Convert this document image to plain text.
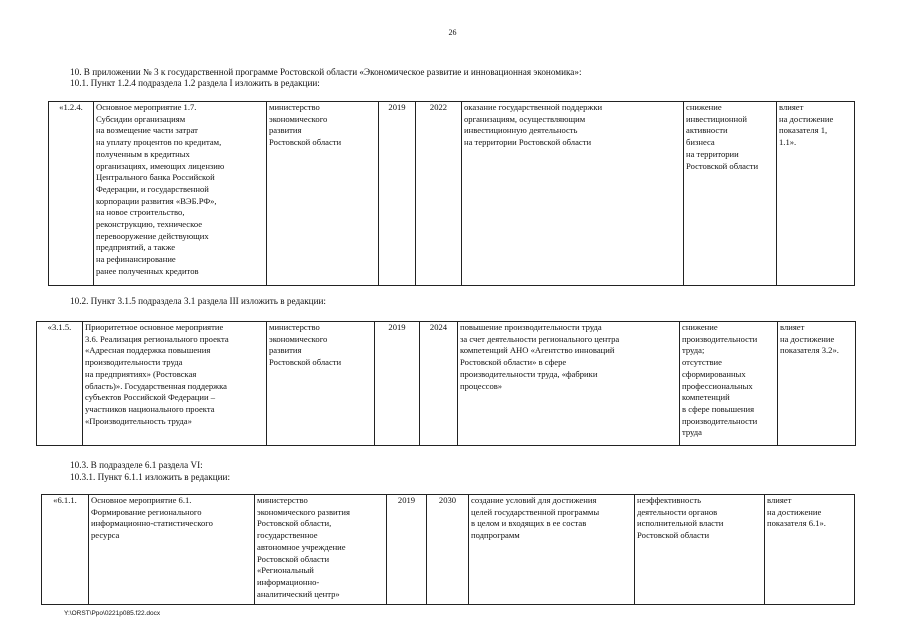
26
10. В приложении № 3 к государственной программе Ростовской области «Экономическое развитие и инновационная экономика»:
10.1. Пункт 1.2.4 подраздела 1.2 раздела I изложить в редакции:
«1.2.4.	Основное мероприятие 1.7.
Субсидии организациям
на возмещение части затрат
на уплату процентов по кредитам,
полученным в кредитных
организациях, имеющих лицензию
Центрального банка Российской
Федерации, и государственной
корпорации развития «ВЭБ.РФ»,
на новое строительство,
реконструкцию, техническое
перевооружение действующих
предприятий, а также
на рефинансирование
ранее полученных кредитов	министерство
экономического
развития
Ростовской области	2019	2022	оказание государственной поддержки
организациям, осуществляющим
инвестиционную деятельность
на территории Ростовской области	снижение
инвестиционной
активности
бизнеса
на территории
Ростовской области	влияет
на достижение
показателя 1,
1.1».
10.2. Пункт 3.1.5 подраздела 3.1 раздела III изложить в редакции:
«3.1.5.	Приоритетное основное мероприятие
3.6. Реализация регионального проекта
«Адресная поддержка повышения
производительности труда
на предприятиях» (Ростовская
область)». Государственная поддержка
субъектов Российской Федерации –
участников национального проекта
«Производительность труда»	министерство
экономического
развития
Ростовской области	2019	2024	повышение производительности труда
за счет деятельности регионального центра
компетенций АНО «Агентство инноваций
Ростовской области» в сфере
производительности труда, «фабрики
процессов»	снижение
производительности
труда;
отсутствие
сформированных
профессиональных
компетенций
в сфере повышения
производительности
труда	влияет
на достижение
показателя 3.2».
10.3. В подразделе 6.1 раздела VI:
10.3.1. Пункт 6.1.1 изложить в редакции:
«6.1.1.	Основное мероприятие 6.1.
Формирование регионального
информационно-статистического
ресурса	министерство
экономического развития
Ростовской области,
государственное
автономное учреждение
Ростовской области
«Региональный
информационно-
аналитический центр»	2019	2030	создание условий для достижения
целей государственной программы
в целом и входящих в ее состав
подпрограмм	неэффективность
деятельности органов
исполнительной власти
Ростовской области	влияет
на достижение
показателя 6.1».
Y:\ORST\Ppo\0221p085.f22.docx
